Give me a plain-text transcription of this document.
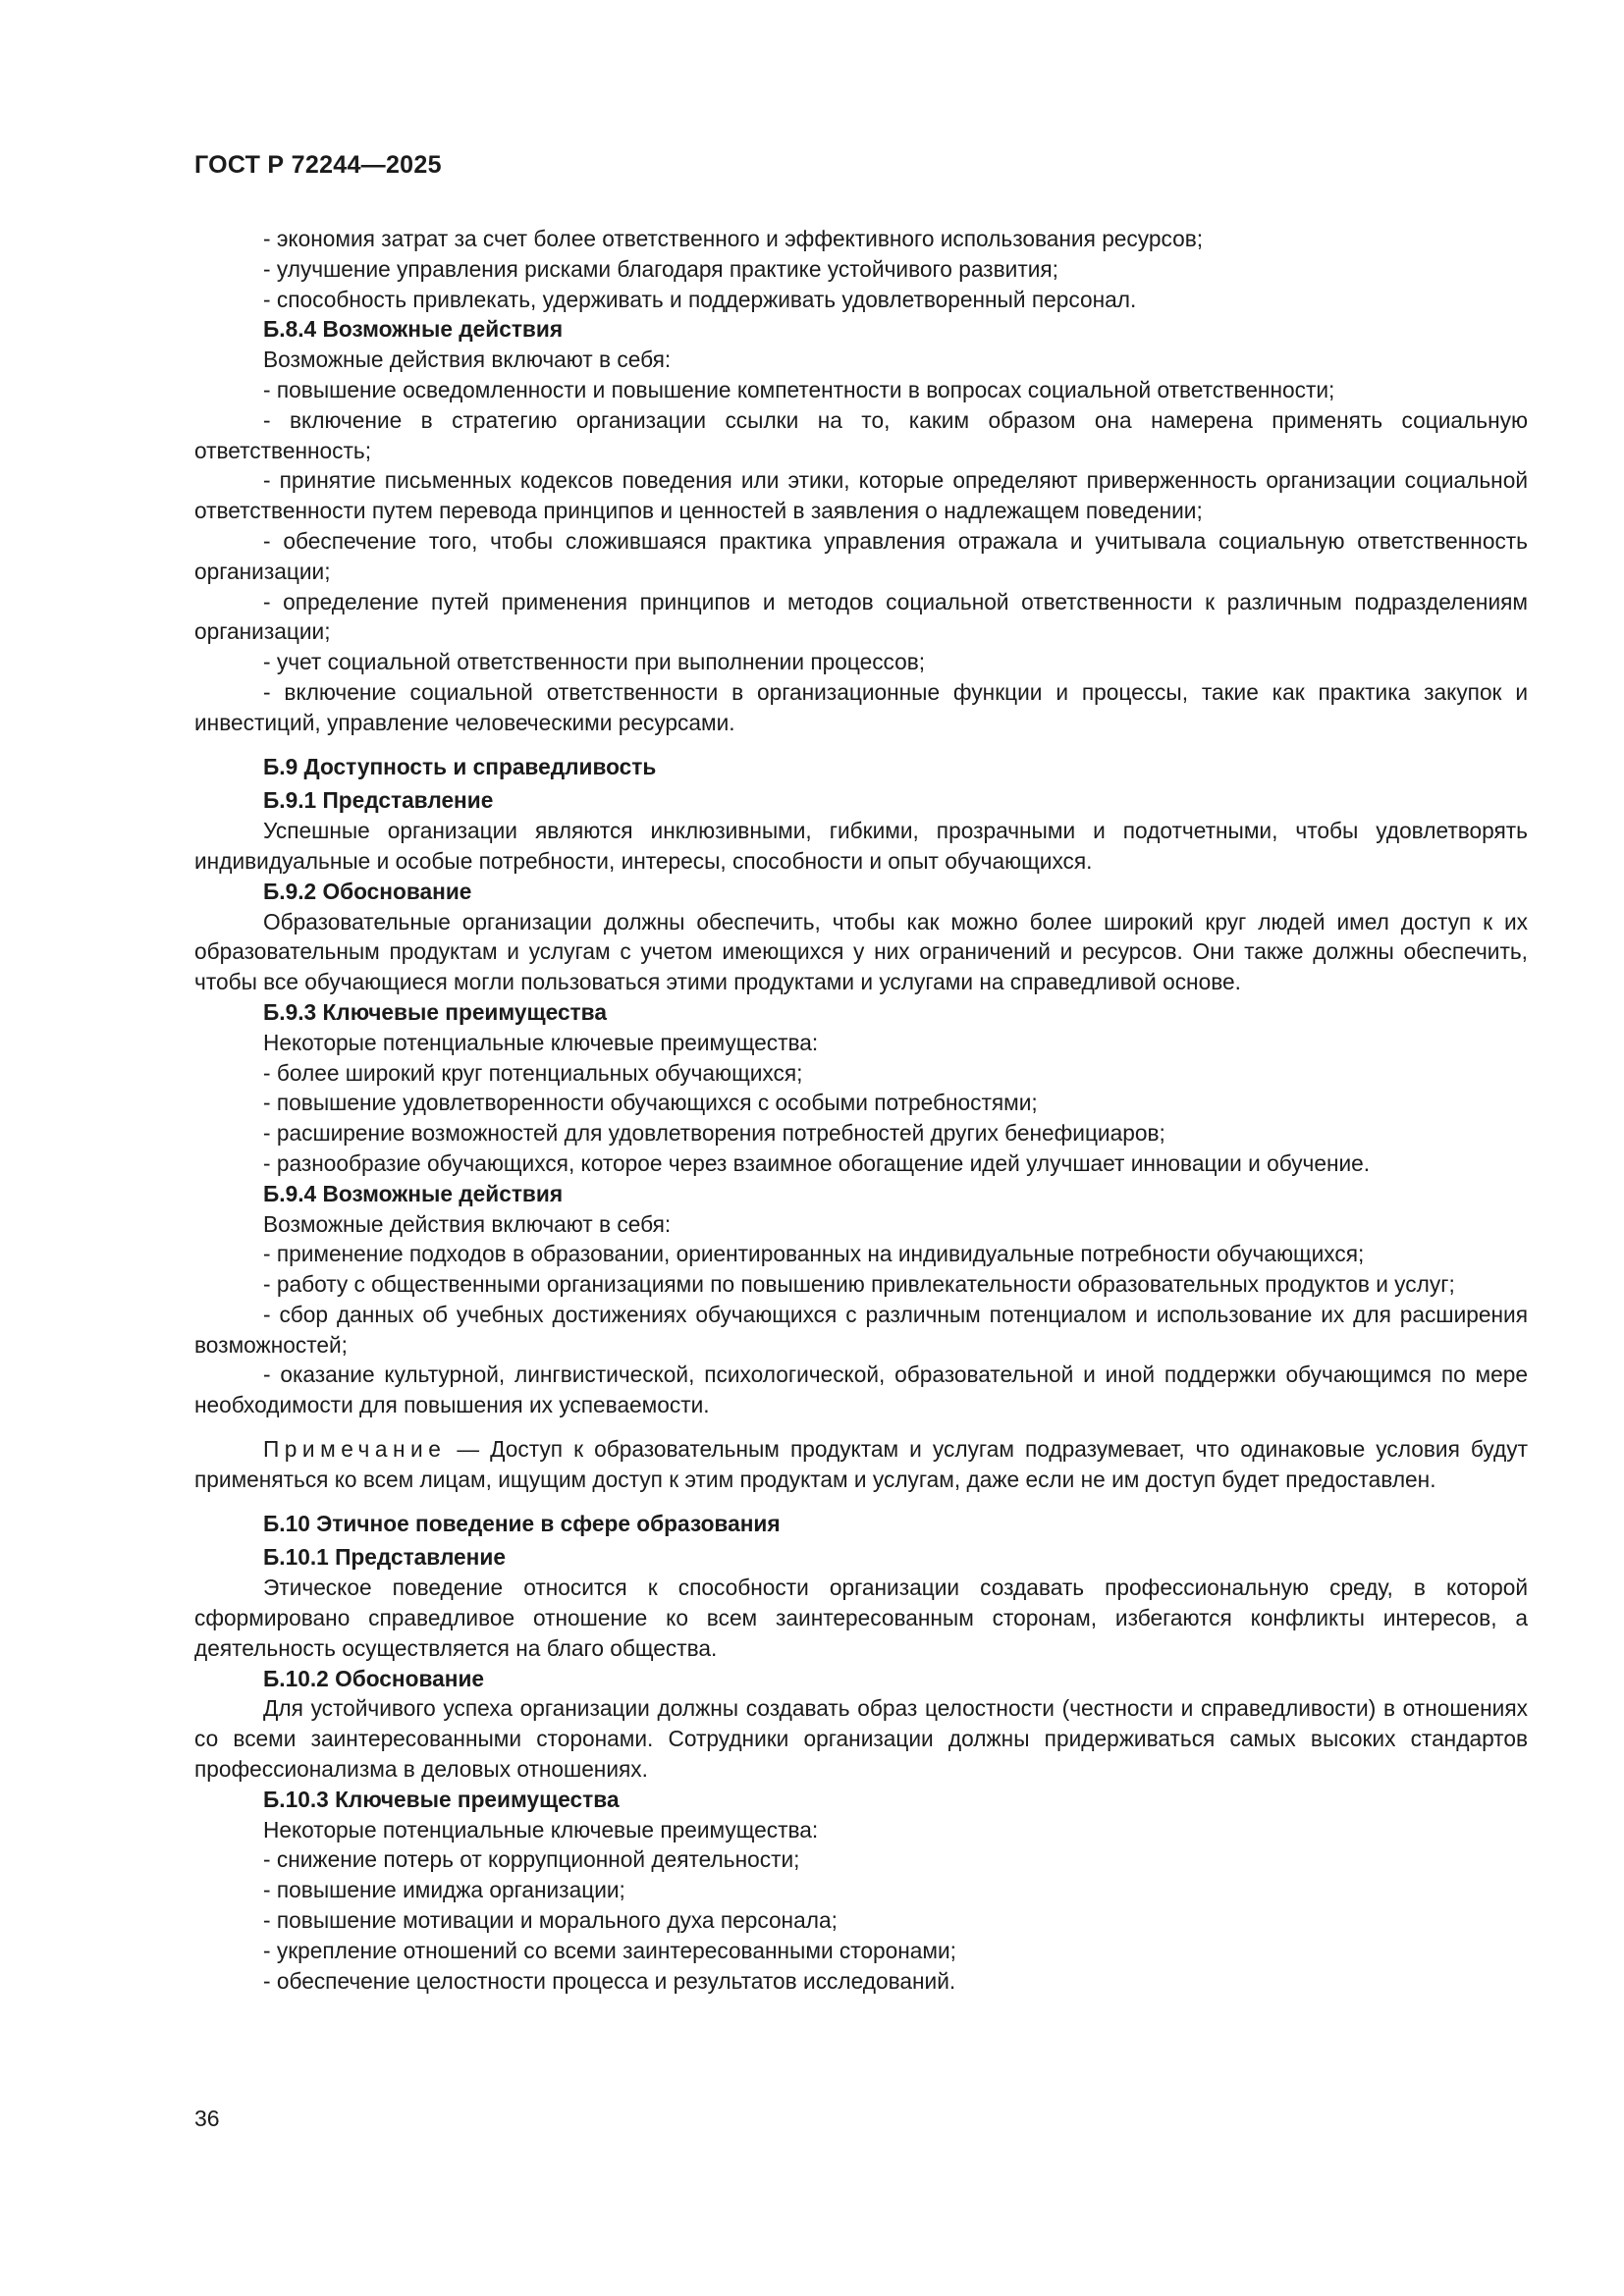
ГОСТ Р 72244—2025

- экономия затрат за счет более ответственного и эффективного использования ресурсов;

- улучшение управления рисками благодаря практике устойчивого развития;

- способность привлекать, удерживать и поддерживать удовлетворенный персонал.

Б.8.4 Возможные действия

Возможные действия включают в себя:

- повышение осведомленности и повышение компетентности в вопросах социальной ответственности;

- включение в стратегию организации ссылки на то, каким образом она намерена применять социальную ответственность;

- принятие письменных кодексов поведения или этики, которые определяют приверженность организации социальной ответственности путем перевода принципов и ценностей в заявления о надлежащем поведении;

- обеспечение того, чтобы сложившаяся практика управления отражала и учитывала социальную ответственность организации;

- определение путей применения принципов и методов социальной ответственности к различным подразделениям организации;

- учет социальной ответственности при выполнении процессов;

- включение социальной ответственности в организационные функции и процессы, такие как практика закупок и инвестиций, управление человеческими ресурсами.

Б.9 Доступность и справедливость

Б.9.1 Представление

Успешные организации являются инклюзивными, гибкими, прозрачными и подотчетными, чтобы удовлетворять индивидуальные и особые потребности, интересы, способности и опыт обучающихся.

Б.9.2 Обоснование

Образовательные организации должны обеспечить, чтобы как можно более широкий круг людей имел доступ к их образовательным продуктам и услугам с учетом имеющихся у них ограничений и ресурсов. Они также должны обеспечить, чтобы все обучающиеся могли пользоваться этими продуктами и услугами на справедливой основе.

Б.9.3 Ключевые преимущества

Некоторые потенциальные ключевые преимущества:

- более широкий круг потенциальных обучающихся;

- повышение удовлетворенности обучающихся с особыми потребностями;

- расширение возможностей для удовлетворения потребностей других бенефициаров;

- разнообразие обучающихся, которое через взаимное обогащение идей улучшает инновации и обучение.

Б.9.4 Возможные действия

Возможные действия включают в себя:

- применение подходов в образовании, ориентированных на индивидуальные потребности обучающихся;

- работу с общественными организациями по повышению привлекательности образовательных продуктов и услуг;

- сбор данных об учебных достижениях обучающихся с различным потенциалом и использование их для расширения возможностей;

- оказание культурной, лингвистической, психологической, образовательной и иной поддержки обучающимся по мере необходимости для повышения их успеваемости.

Примечание — Доступ к образовательным продуктам и услугам подразумевает, что одинаковые условия будут применяться ко всем лицам, ищущим доступ к этим продуктам и услугам, даже если не им доступ будет предоставлен.

Б.10 Этичное поведение в сфере образования

Б.10.1 Представление

Этическое поведение относится к способности организации создавать профессиональную среду, в которой сформировано справедливое отношение ко всем заинтересованным сторонам, избегаются конфликты интересов, а деятельность осуществляется на благо общества.

Б.10.2 Обоснование

Для устойчивого успеха организации должны создавать образ целостности (честности и справедливости) в отношениях со всеми заинтересованными сторонами. Сотрудники организации должны придерживаться самых высоких стандартов профессионализма в деловых отношениях.

Б.10.3 Ключевые преимущества

Некоторые потенциальные ключевые преимущества:

- снижение потерь от коррупционной деятельности;

- повышение имиджа организации;

- повышение мотивации и морального духа персонала;

- укрепление отношений со всеми заинтересованными сторонами;

- обеспечение целостности процесса и результатов исследований.

36
